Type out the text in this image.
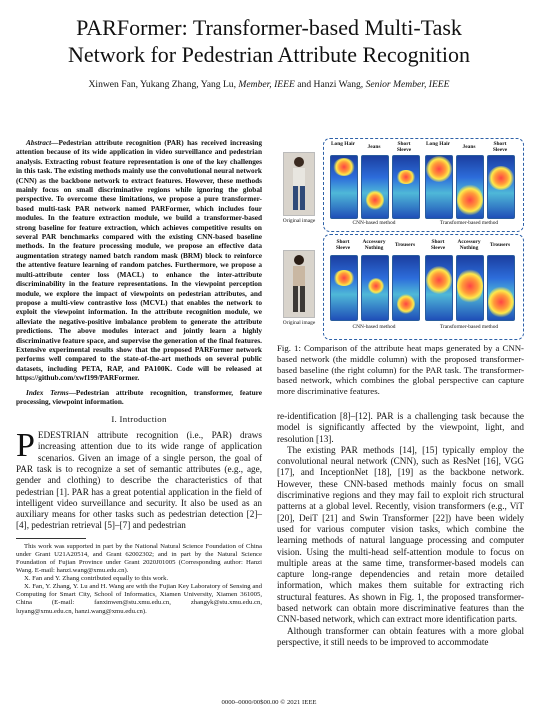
PARFormer: Transformer-based Multi-Task
Network for Pedestrian Attribute Recognition
Xinwen Fan, Yukang Zhang, Yang Lu, Member, IEEE and Hanzi Wang, Senior Member, IEEE
Abstract—Pedestrian attribute recognition (PAR) has received increasing attention because of its wide application in video surveillance and pedestrian analysis. Extracting robust feature representation is one of the key challenges in this task. The existing methods mainly use the convolutional neural network (CNN) as the backbone network to extract features. However, these methods mainly focus on small discriminative regions while ignoring the global perspective. To overcome these limitations, we propose a pure transformer-based multi-task PAR network named PARFormer, which includes four modules. In the feature extraction module, we build a transformer-based strong baseline for feature extraction, which achieves competitive results on several PAR benchmarks compared with the existing CNN-based baseline methods. In the feature processing module, we propose an effective data augmentation strategy named batch random mask (BRM) block to reinforce the attentive feature learning of random patches. Furthermore, we propose a multi-attribute center loss (MACL) to enhance the inter-attribute discriminability in the feature representations. In the viewpoint perception module, we explore the impact of viewpoints on pedestrian attributes, and propose a multi-view contrastive loss (MCVL) that enables the network to exploit the viewpoint information. In the attribute recognition module, we alleviate the negative-positive imbalance problem to generate the attribute predictions. The above modules interact and jointly learn a highly discriminative feature space, and supervise the generation of the final features. Extensive experimental results show that the proposed PARFormer network performs well compared to the state-of-the-art methods on several public datasets, including PETA, RAP, and PA100K. Code will be released at https://github.com/xwf199/PARFormer.
Index Terms—Pedestrian attribute recognition, transformer, feature processing, viewpoint information.
I. Introduction
PEDESTRIAN attribute recognition (i.e., PAR) draws increasing attention due to its wide range of application scenarios. Given an image of a single person, the goal of PAR task is to recognize a set of semantic attributes (e.g., age, gender and clothing) to describe the characteristics of that pedestrian [1]. PAR has a great potential application in the field of intelligent video surveillance and security. It also be used as an auxiliary means for other tasks such as pedestrian detection [2]–[4], pedestrian retrieval [5]–[7] and pedestrian

This work was supported in part by the National Natural Science Foundation of China under Grant U21A20514, and Grant 62002302; and in part by the Natural Science Foundation of Fujian Province under Grant 2020J01005 (Corresponding author: Hanzi Wang. E-mail: hanzi.wang@xmu.edu.cn).

X. Fan and Y. Zhang contributed equally to this work.

X. Fan, Y. Zhang, Y. Lu and H. Wang are with the Fujian Key Laboratory of Sensing and Computing for Smart City, School of Informatics, Xiamen University, Xiamen 361005, China (E-mail: fanxinwen@stu.xmu.edu.cn, zhangyk@stu.xmu.edu.cn, luyang@xmu.edu.cn, hanzi.wang@xmu.edu.cn).

Original image
Long Hair	Jeans	Short Sleeve
Long Hair	Jeans	Short Sleeve
CNN-based method	Transformer-based method
Original image
Short Sleeve
Accessory Nothing	Trousers	Short Sleeve
Accessory Nothing	Trousers
CNN-based method	Transformer-based method
Fig. 1: Comparison of the attribute heat maps generated by a CNN-based network (the middle column) with the proposed transformer-based baseline (the right column) for the PAR task. The transformer-based network, which combines the global perspective can capture more discriminative features.

re-identification [8]–[12]. PAR is a challenging task because the model is significantly affected by the viewpoint, light, and resolution [13].

The existing PAR methods [14], [15] typically employ the convolutional neural network (CNN), such as ResNet [16], VGG [17], and InceptionNet [18], [19] as the backbone network. However, these CNN-based methods mainly focus on small discriminative regions and they may fail to exploit rich structural patterns at a global level. Recently, vision transformers (e.g., ViT [20], DeiT [21] and Swin Transformer [22]) have been widely used for various computer vision tasks, which combine the learning methods of natural language processing and computer vision. Using the multi-head self-attention module to focus on multiple areas at the same time, transformer-based models can capture long-range dependencies and retain more detailed information, which makes them suitable for extracting rich structural features. As shown in Fig. 1, the proposed transformer-based network can obtain more discriminative features than the CNN-based network, which can extract more identification parts.

Although transformer can obtain features with a more global perspective, it still needs to be improved to accommodate

0000–0000/00$00.00 © 2021 IEEE
